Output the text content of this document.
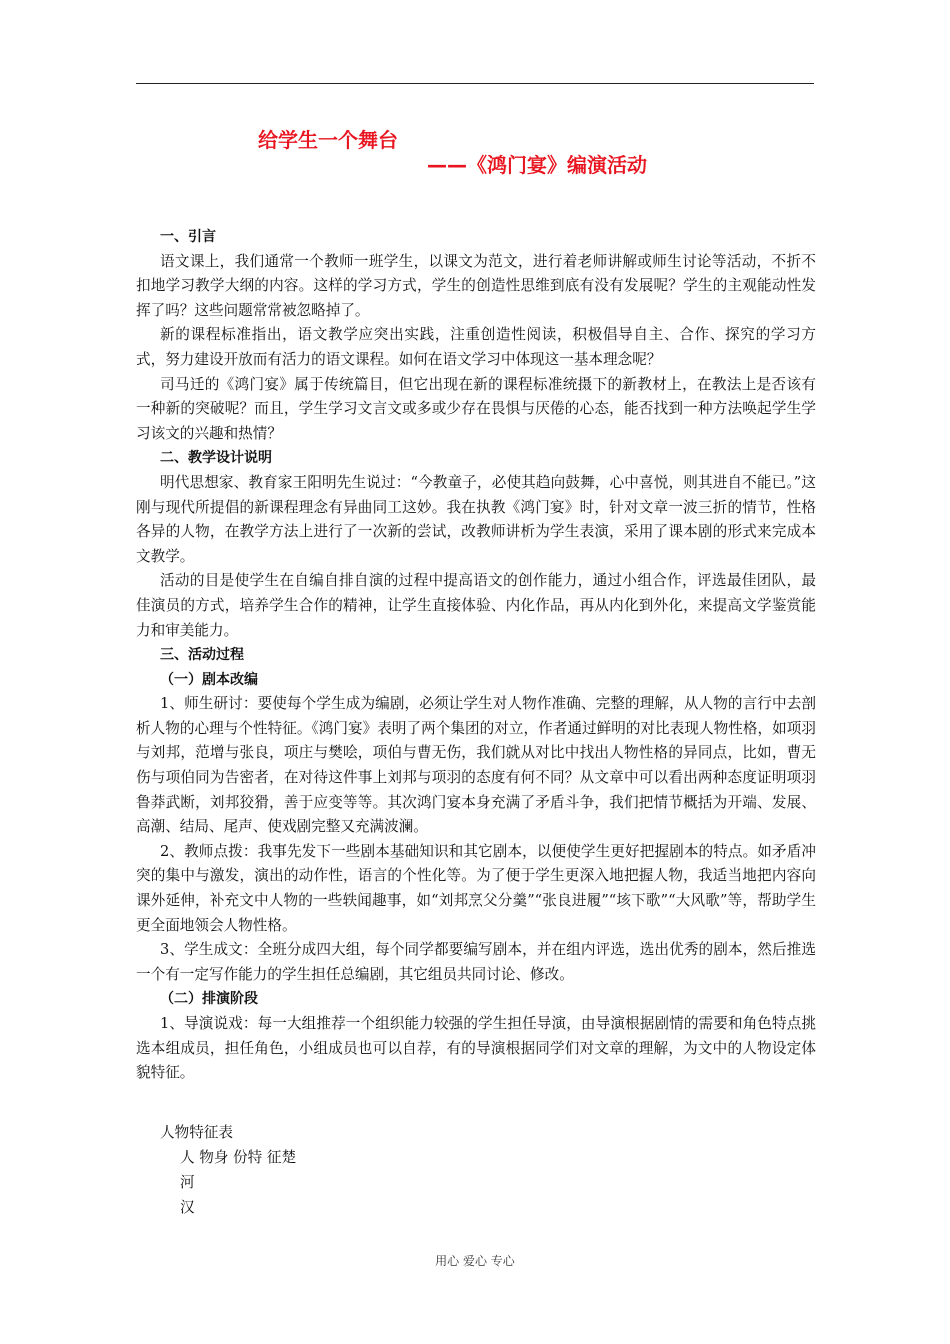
给学生一个舞台
——《鸿门宴》编演活动

一、引言

语文课上，我们通常一个教师一班学生，以课文为范文，进行着老师讲解或师生讨论等活动，不折不扣地学习教学大纲的内容。这样的学习方式，学生的创造性思维到底有没有发展呢？学生的主观能动性发挥了吗？这些问题常常被忽略掉了。

新的课程标准指出，语文教学应突出实践，注重创造性阅读，积极倡导自主、合作、探究的学习方式，努力建设开放而有活力的语文课程。如何在语文学习中体现这一基本理念呢？

司马迁的《鸿门宴》属于传统篇目，但它出现在新的课程标准统摄下的新教材上，在教法上是否该有一种新的突破呢？而且，学生学习文言文或多或少存在畏惧与厌倦的心态，能否找到一种方法唤起学生学习该文的兴趣和热情？

二、教学设计说明

明代思想家、教育家王阳明先生说过：“今教童子，必使其趋向鼓舞，心中喜悦，则其进自不能已。”这刚与现代所提倡的新课程理念有异曲同工这妙。我在执教《鸿门宴》时，针对文章一波三折的情节，性格各异的人物，在教学方法上进行了一次新的尝试，改教师讲析为学生表演，采用了课本剧的形式来完成本文教学。

活动的目是使学生在自编自排自演的过程中提高语文的创作能力，通过小组合作，评选最佳团队，最佳演员的方式，培养学生合作的精神，让学生直接体验、内化作品，再从内化到外化，来提高文学鉴赏能力和审美能力。

三、活动过程

（一）剧本改编

1、师生研讨：要使每个学生成为编剧，必须让学生对人物作准确、完整的理解，从人物的言行中去剖析人物的心理与个性特征。《鸿门宴》表明了两个集团的对立，作者通过鲜明的对比表现人物性格，如项羽与刘邦，范增与张良，项庄与樊哙，项伯与曹无伤，我们就从对比中找出人物性格的异同点，比如，曹无伤与项伯同为告密者，在对待这件事上刘邦与项羽的态度有何不同？从文章中可以看出两种态度证明项羽鲁莽武断，刘邦狡猾，善于应变等等。其次鸿门宴本身充满了矛盾斗争，我们把情节概括为开端、发展、高潮、结局、尾声、使戏剧完整又充满波澜。

2、教师点拨：我事先发下一些剧本基础知识和其它剧本，以便使学生更好把握剧本的特点。如矛盾冲突的集中与激发，演出的动作性，语言的个性化等。为了便于学生更深入地把握人物，我适当地把内容向课外延伸，补充文中人物的一些轶闻趣事，如“刘邦烹父分羹”“张良进履”“垓下歌”“大风歌”等，帮助学生更全面地领会人物性格。

3、学生成文：全班分成四大组，每个同学都要编写剧本，并在组内评选，选出优秀的剧本，然后推选一个有一定写作能力的学生担任总编剧，其它组员共同讨论、修改。

（二）排演阶段

1、导演说戏：每一大组推荐一个组织能力较强的学生担任导演，由导演根据剧情的需要和角色特点挑选本组成员，担任角色，小组成员也可以自荐，有的导演根据同学们对文章的理解，为文中的人物设定体貌特征。

人物特征表
人 物身 份特 征楚
河
汉
用心 爱心 专心
